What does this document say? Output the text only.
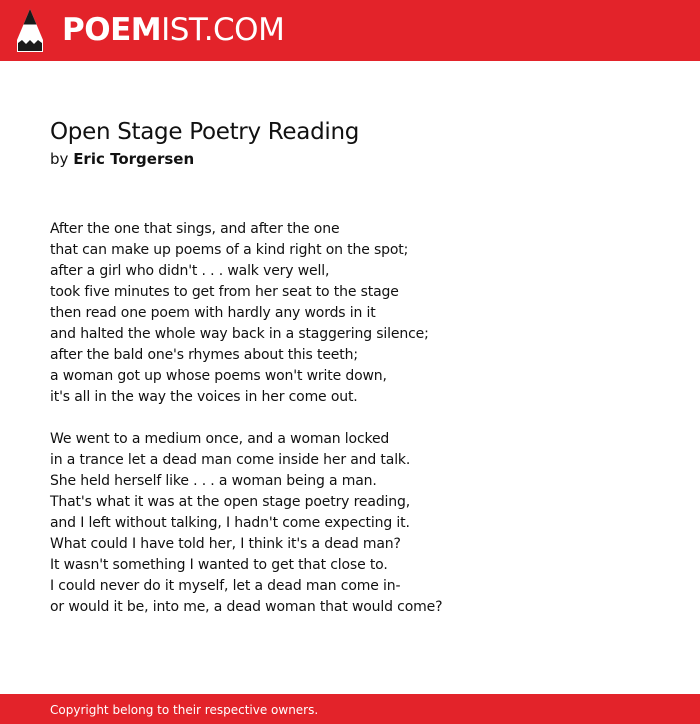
POEMIST.COM
Open Stage Poetry Reading
by Eric Torgersen
After the one that sings, and after the one
that can make up poems of a kind right on the spot;
after a girl who didn't . . . walk very well,
took five minutes to get from her seat to the stage
then read one poem with hardly any words in it
and halted the whole way back in a staggering silence;
after the bald one's rhymes about this teeth;
a woman got up whose poems won't write down,
it's all in the way the voices in her come out.
We went to a medium once, and a woman locked
in a trance let a dead man come inside her and talk.
She held herself like . . . a woman being a man.
That's what it was at the open stage poetry reading,
and I left without talking, I hadn't come expecting it.
What could I have told her, I think it's a dead man?
It wasn't something I wanted to get that close to.
I could never do it myself, let a dead man come in-
or would it be, into me, a dead woman that would come?
Copyright belong to their respective owners.
